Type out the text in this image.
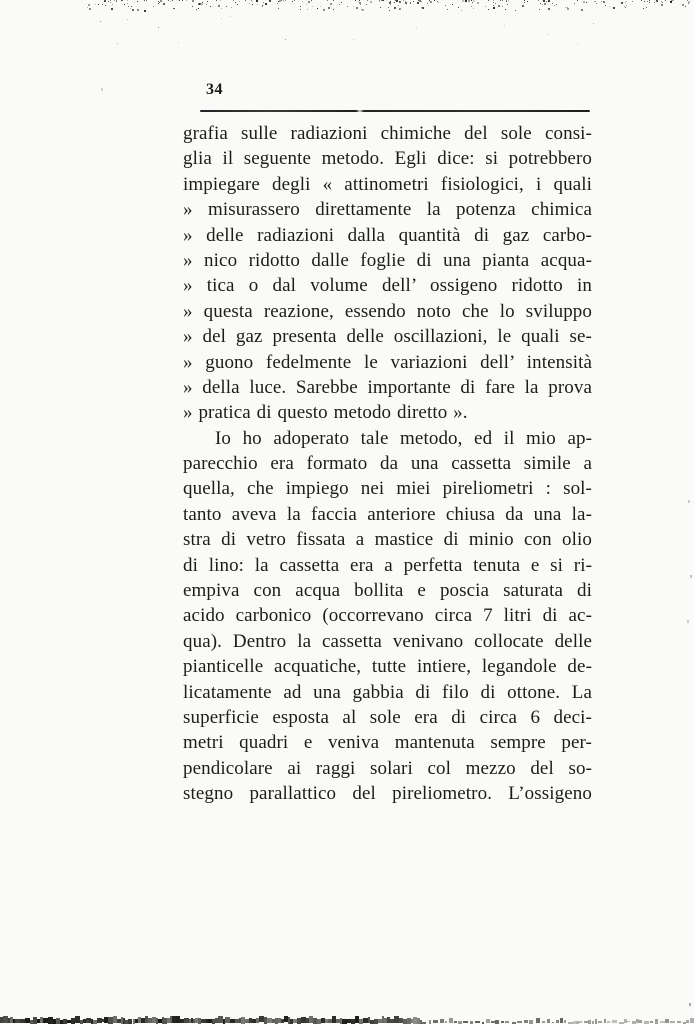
34
grafia sulle radiazioni chimiche del sole consi-
glia il seguente metodo. Egli dice: si potrebbero
impiegare degli « attinometri fisiologici, i quali
» misurassero direttamente la potenza chimica
» delle radiazioni dalla quantità di gaz carbo-
» nico ridotto dalle foglie di una pianta acqua-
» tica o dal volume dell’ ossigeno ridotto in
» questa reazione, essendo noto che lo sviluppo
» del gaz presenta delle oscillazioni, le quali se-
» guono fedelmente le variazioni dell’ intensità
» della luce. Sarebbe importante di fare la prova
» pratica di questo metodo diretto ».
Io ho adoperato tale metodo, ed il mio ap-
parecchio era formato da una cassetta simile a
quella, che impiego nei miei pireliometri : sol-
tanto aveva la faccia anteriore chiusa da una la-
stra di vetro fissata a mastice di minio con olio
di lino: la cassetta era a perfetta tenuta e si ri-
empiva con acqua bollita e poscia saturata di
acido carbonico (occorrevano circa 7 litri di ac-
qua). Dentro la cassetta venivano collocate delle
pianticelle acquatiche, tutte intiere, legandole de-
licatamente ad una gabbia di filo di ottone. La
superficie esposta al sole era di circa 6 deci-
metri quadri e veniva mantenuta sempre per-
pendicolare ai raggi solari col mezzo del so-
stegno parallattico del pireliometro. L’ossigeno
